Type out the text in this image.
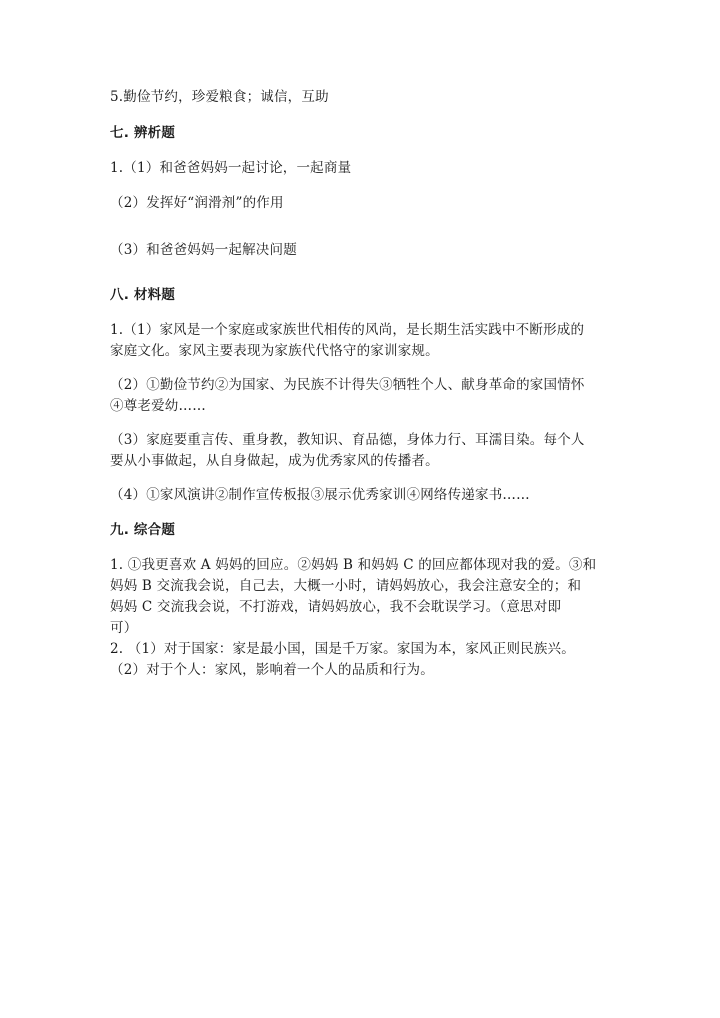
5.勤俭节约，珍爱粮食；诚信，互助
七. 辨析题
1.（1）和爸爸妈妈一起讨论，一起商量
（2）发挥好“润滑剂”的作用
（3）和爸爸妈妈一起解决问题
八. 材料题
1.（1）家风是一个家庭或家族世代相传的风尚，是长期生活实践中不断形成的
家庭文化。家风主要表现为家族代代恪守的家训家规。
（2）①勤俭节约②为国家、为民族不计得失③牺牲个人、献身革命的家国情怀
④尊老爱幼……
（3）家庭要重言传、重身教，教知识、育品德，身体力行、耳濡目染。每个人
要从小事做起，从自身做起，成为优秀家风的传播者。
（4）①家风演讲②制作宣传板报③展示优秀家训④网络传递家书……
九. 综合题
1. ①我更喜欢 A 妈妈的回应。②妈妈 B 和妈妈 C 的回应都体现对我的爱。③和
妈妈 B 交流我会说，自己去，大概一小时，请妈妈放心，我会注意安全的；和
妈妈 C 交流我会说，不打游戏，请妈妈放心，我不会耽误学习。（意思对即
可）
2. （1）对于国家：家是最小国，国是千万家。家国为本，家风正则民族兴。
（2）对于个人：家风，影响着一个人的品质和行为。
